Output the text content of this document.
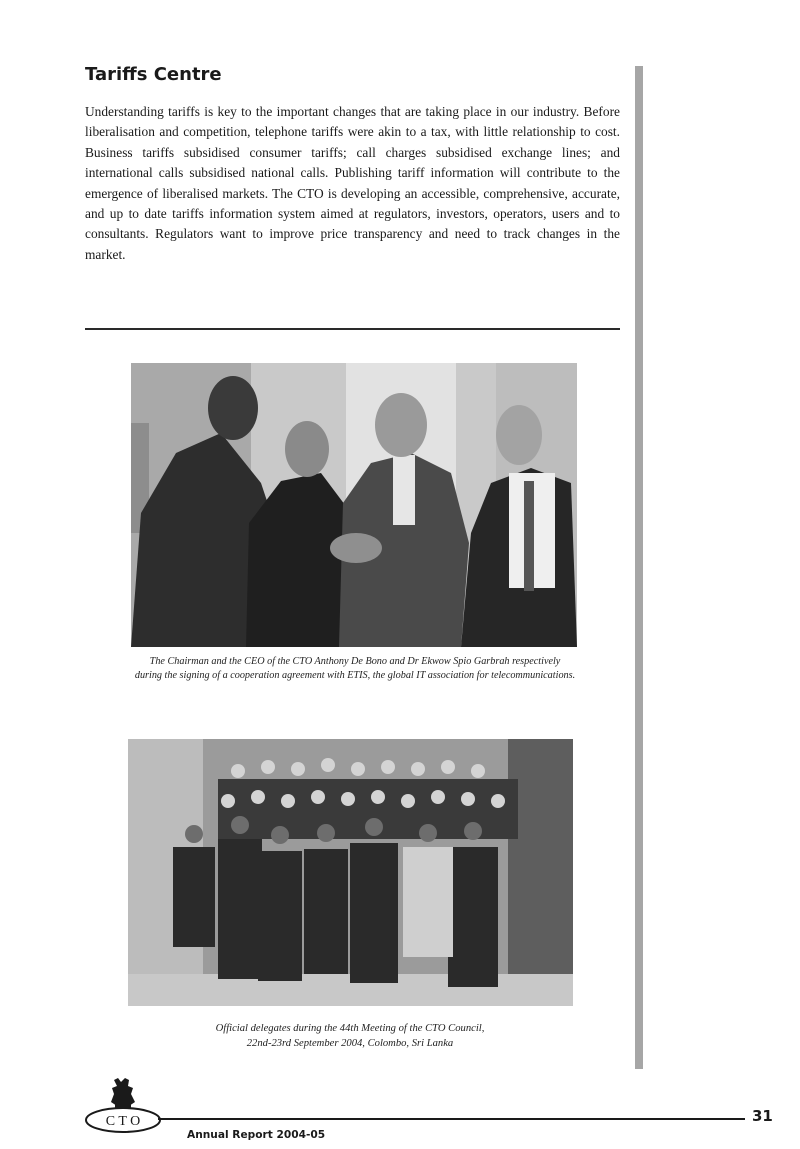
Tariffs Centre

Understanding tariffs is key to the important changes that are taking place in our industry. Before liberalisation and competition, telephone tariffs were akin to a tax, with little relationship to cost. Business tariffs subsidised consumer tariffs; call charges subsidised exchange lines; and international calls subsidised national calls. Publishing tariff information will contribute to the emergence of liberalised markets. The CTO is developing an accessible, comprehensive, accurate, and up to date tariffs information system aimed at regulators, investors, operators, users and to consultants. Regulators want to improve price transparency and need to track changes in the market.

The Chairman and the CEO of the CTO Anthony De Bono and Dr Ekwow Spio Garbrah respectively
during the signing of a cooperation agreement with ETIS, the global IT association for telecommunications.

Official delegates during the 44th Meeting of the CTO Council,
22nd-23rd September 2004, Colombo, Sri Lanka

C T O	31

Annual Report 2004-05
